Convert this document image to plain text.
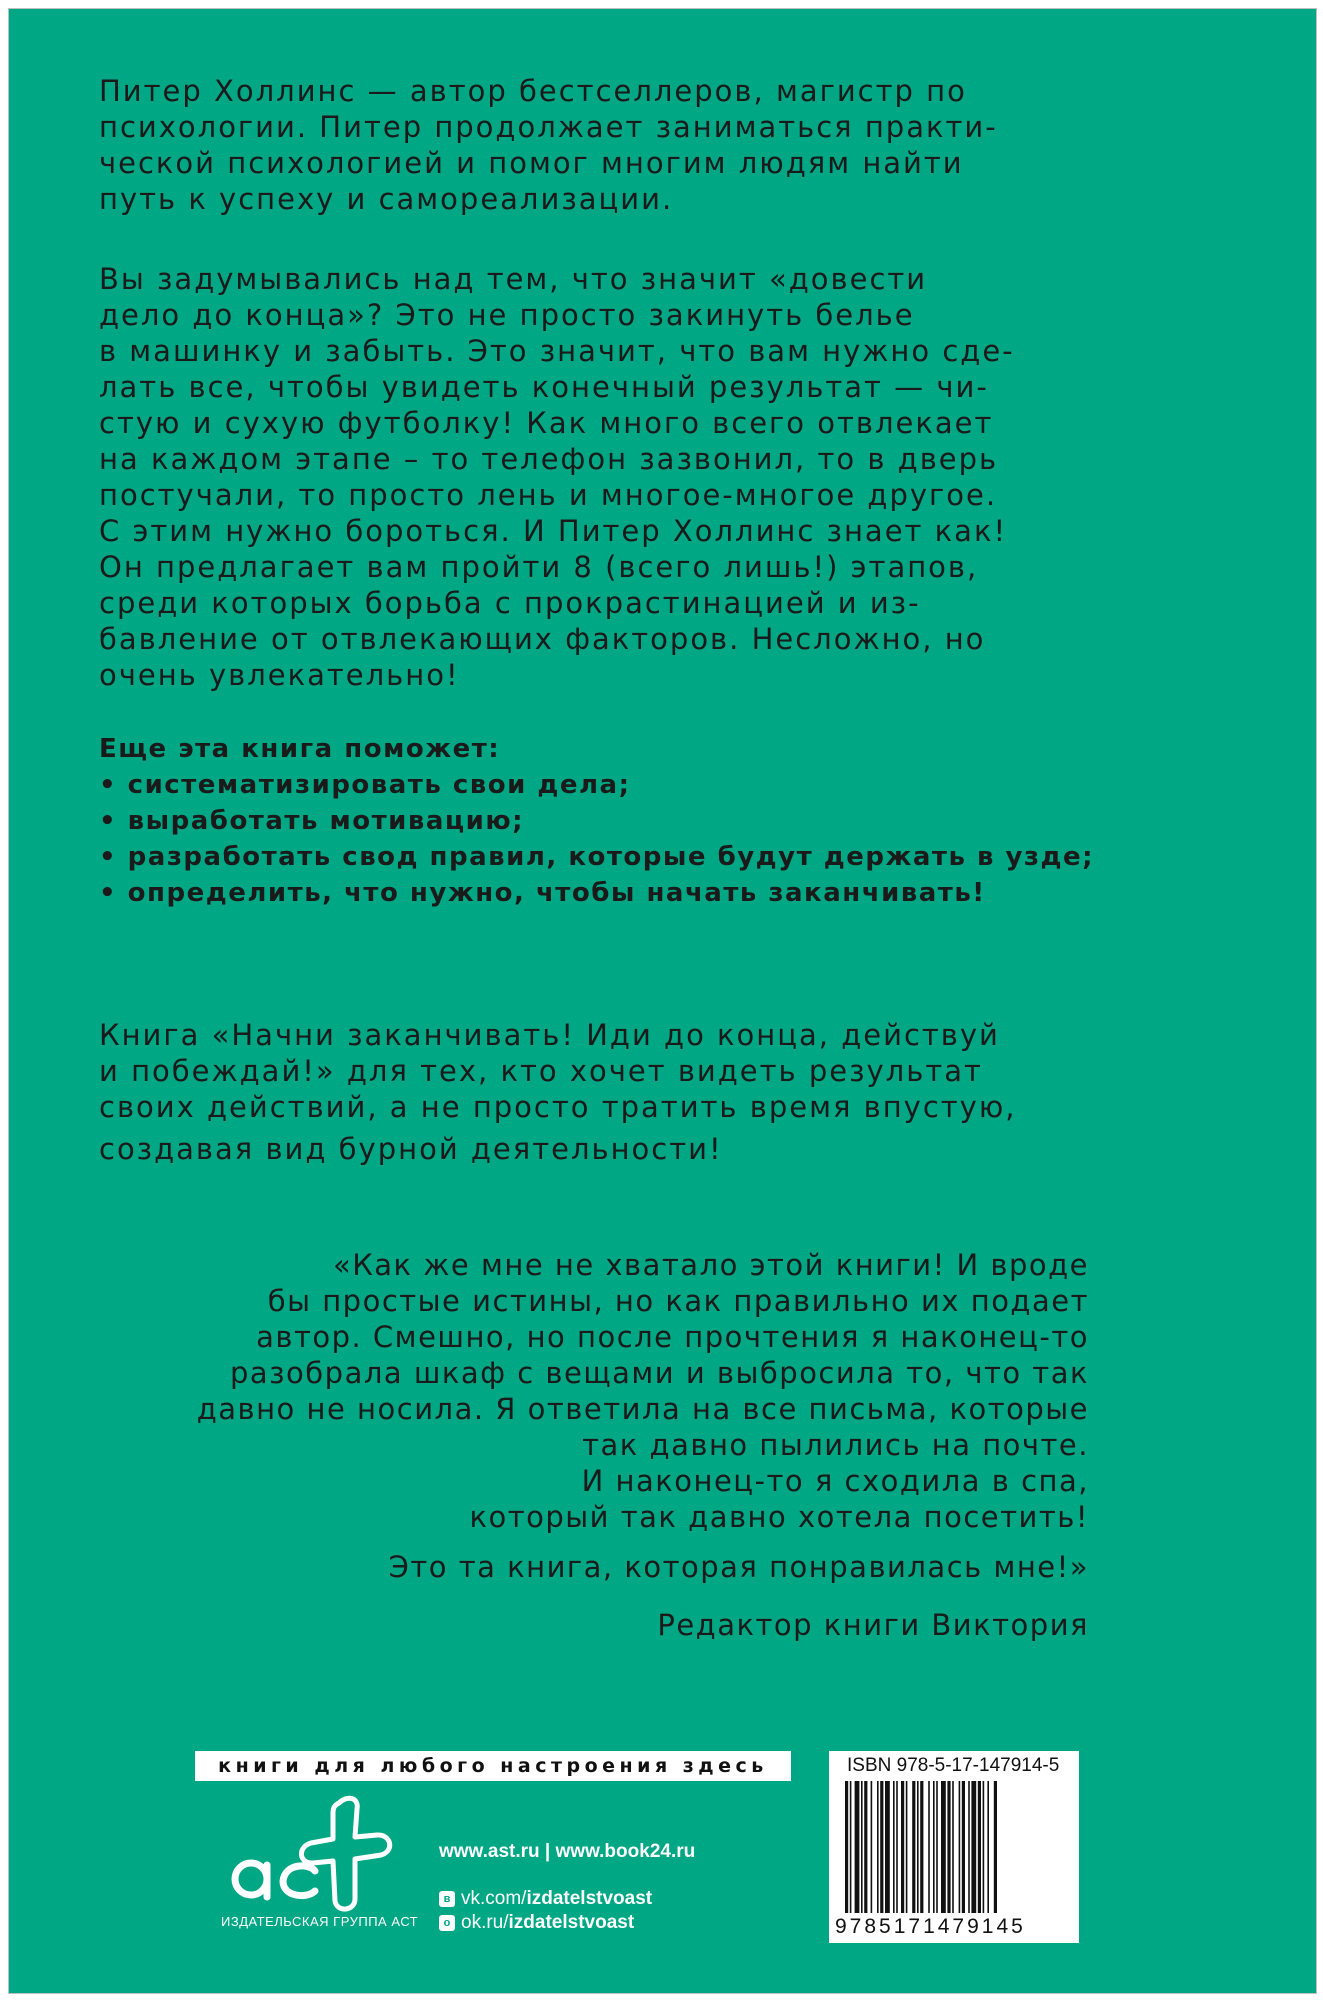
Питер Холлинс — автор бестселлеров, магистр по
психологии. Питер продолжает заниматься практи-
ческой психологией и помог многим людям найти
путь к успеху и самореализации.

Вы задумывались над тем, что значит «довести
дело до конца»? Это не просто закинуть белье
в машинку и забыть. Это значит, что вам нужно сде-
лать все, чтобы увидеть конечный результат — чи-
стую и сухую футболку! Как много всего отвлекает
на каждом этапе – то телефон зазвонил, то в дверь
постучали, то просто лень и многое-многое другое.
С этим нужно бороться. И Питер Холлинс знает как!
Он предлагает вам пройти 8 (всего лишь!) этапов,
среди которых борьба с прокрастинацией и из-
бавление от отвлекающих факторов. Несложно, но
очень увлекательно!

Еще эта книга поможет:
• систематизировать свои дела;
• выработать мотивацию;
• разработать свод правил, которые будут держать в узде;
• определить, что нужно, чтобы начать заканчивать!

Книга «Начни заканчивать! Иди до конца, действуй
и побеждай!» для тех, кто хочет видеть результат
своих действий, а не просто тратить время впустую,
создавая вид бурной деятельности!

«Как же мне не хватало этой книги! И вроде
бы простые истины, но как правильно их подает
автор. Смешно, но после прочтения я наконец-то
разобрала шкаф с вещами и выбросила то, что так
давно не носила. Я ответила на все письма, которые
так давно пылились на почте.
И наконец-то я сходила в спа,
который так давно хотела посетить!
Это та книга, которая понравилась мне!»
Редактор книги Виктория
книги для любого настроения здесь
ИЗДАТЕЛЬСКАЯ ГРУППА АСТ
www.ast.ru | www.book24.ru
в vk.com/izdatelstvoast
о ok.ru/izdatelstvoast
ISBN 978-5-17-147914-5
9785171479145
